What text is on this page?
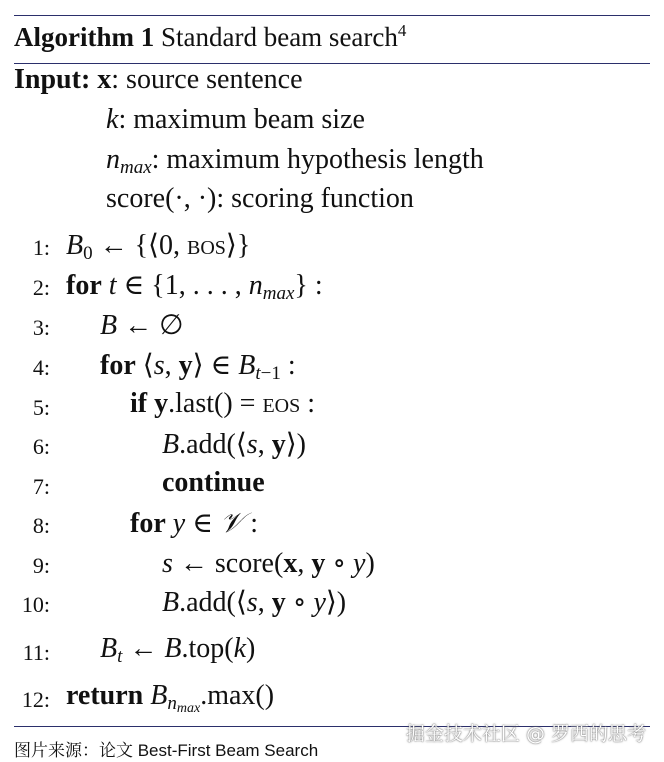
Algorithm 1 Standard beam search$^4$
Input: x: source sentence
k: maximum beam size
$n_{max}$: maximum hypothesis length
score(·, ·): scoring function
1: $B_0$ ← {⟨0, bos⟩}
2: for t ∈ {1, . . . , $n_{max}$} :
3: B ← ∅
4: for ⟨s, y⟩ ∈ $B_{t-1}$ :
5:	if y.last() = eos :
6:	B.add(⟨s, y⟩)
7:	continue
8:	for y ∈ 𝒱 :
9:	s ← score(x, y ∘ y)
10:	B.add(⟨s, y ∘ y⟩)
11: $B_t$ ← B.top(k)
12: return $B_{nmax}.\max()$
图片来源：论文 Best-First Beam Search
掘金技术社区 @ 罗西的思考
